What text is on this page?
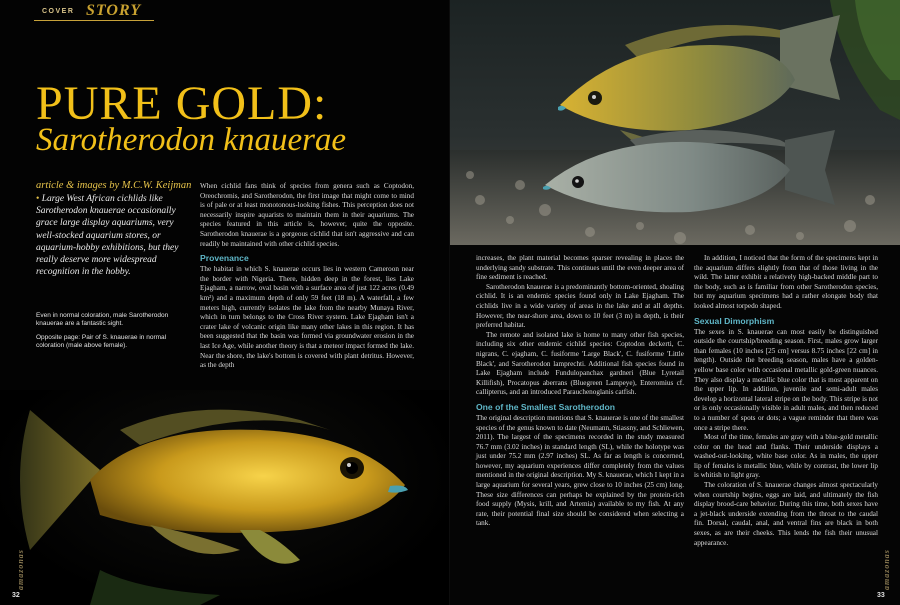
COVER STORY
PURE GOLD:
Sarotherodon knauerae
article & images by M.C.W. Keijman
• Large West African cichlids like Sarotherodon knauerae occasionally grace large display aquariums, very well-stocked aquarium stores, or aquarium-hobby exhibitions, but they really deserve more widespread recognition in the hobby.
Even in normal coloration, male Sarotherodon knauerae are a fantastic sight.
Opposite page: Pair of S. knauerae in normal coloration (male above female).

When cichlid fans think of species from genera such as Coptodon, Oreochromis, and Sarotherodon, the first image that might come to mind is of pale or at least monotonous-looking fishes. This perception does not necessarily inspire aquarists to maintain them in their aquariums. The species featured in this article is, however, quite the opposite. Sarotherodon knauerae is a gorgeous cichlid that isn't aggressive and can readily be maintained with other cichlid species.

Provenance

The habitat in which S. knauerae occurs lies in western Cameroon near the border with Nigeria. There, hidden deep in the forest, lies Lake Ejagham, a narrow, oval basin with a surface area of just 122 acres (0.49 km²) and a maximum depth of only 59 feet (18 m). A waterfall, a few meters high, currently isolates the lake from the nearby Munaya River, which in turn belongs to the Cross River system. Lake Ejagham isn't a crater lake of volcanic origin like many other lakes in this region. It has been suggested that the basin was formed via groundwater erosion in the last Ice Age, while another theory is that a meteor impact formed the lake. Near the shore, the lake's bottom is covered with plant detritus. However, as the depth

amazonas
32

increases, the plant material becomes sparser revealing in places the underlying sandy substrate. This continues until the even deeper area of fine sediment is reached.

Sarotherodon knauerae is a predominantly bottom-oriented, shoaling cichlid. It is an endemic species found only in Lake Ejagham. The cichlids live in a wide variety of areas in the lake and at all depths. However, the near-shore area, down to 10 feet (3 m) in depth, is their preferred habitat.

The remote and isolated lake is home to many other fish species, including six other endemic cichlid species: Coptodon deckerti, C. nigrans, C. ejagham, C. fusiforme 'Large Black', C. fusiforme 'Little Black', and Sarotherodon lamprechti. Additional fish species found in Lake Ejagham include Fundulopanchax gardneri (Blue Lyretail Killifish), Procatopus aberrans (Bluegreen Lampeye), Enteromius cf. callipterus, and an introduced Parauchenoglanis catfish.

One of the Smallest Sarotherodon

The original description mentions that S. knauerae is one of the smallest species of the genus known to date (Neumann, Stiassny, and Schliewen, 2011). The largest of the specimens recorded in the study measured 76.7 mm (3.02 inches) in standard length (SL), while the holotype was just under 75.2 mm (2.97 inches) SL. As far as length is concerned, however, my aquarium experiences differ completely from the values mentioned in the original description. My S. knauerae, which I kept in a large aquarium for several years, grew close to 10 inches (25 cm) long. These size differences can perhaps be explained by the protein-rich food supply (Mysis, krill, and Artemia) available to my fish. At any rate, their potential final size should be considered when selecting a tank.

In addition, I noticed that the form of the specimens kept in the aquarium differs slightly from that of those living in the wild. The latter exhibit a relatively high-backed middle part to the body, such as is familiar from other Sarotherodon species, but my aquarium specimens had a rather elongate body that looked almost torpedo shaped.

Sexual Dimorphism

The sexes in S. knauerae can most easily be distinguished outside the courtship/breeding season. First, males grow larger than females (10 inches [25 cm] versus 8.75 inches [22 cm] in length). Outside the breeding season, males have a golden-yellow base color with occasional metallic gold-green nuances. They also display a metallic blue color that is most apparent on the upper lip. In addition, juvenile and semi-adult males develop a horizontal lateral stripe on the body. This stripe is not or is only occasionally visible in adult males, and then reduced to a number of spots or dots; a vague reminder that there was once a stripe there.

Most of the time, females are gray with a blue-gold metallic color on the head and flanks. Their underside displays a washed-out-looking, white base color. As in males, the upper lip of females is metallic blue, while by contrast, the lower lip is whitish to light gray.

The coloration of S. knauerae changes almost spectacularly when courtship begins, eggs are laid, and ultimately the fish display brood-care behavior. During this time, both sexes have a jet-black underside extending from the throat to the caudal fin. Dorsal, caudal, anal, and ventral fins are black in both sexes, as are their cheeks. This lends the fish their unusual appearance.

amazonas
33
